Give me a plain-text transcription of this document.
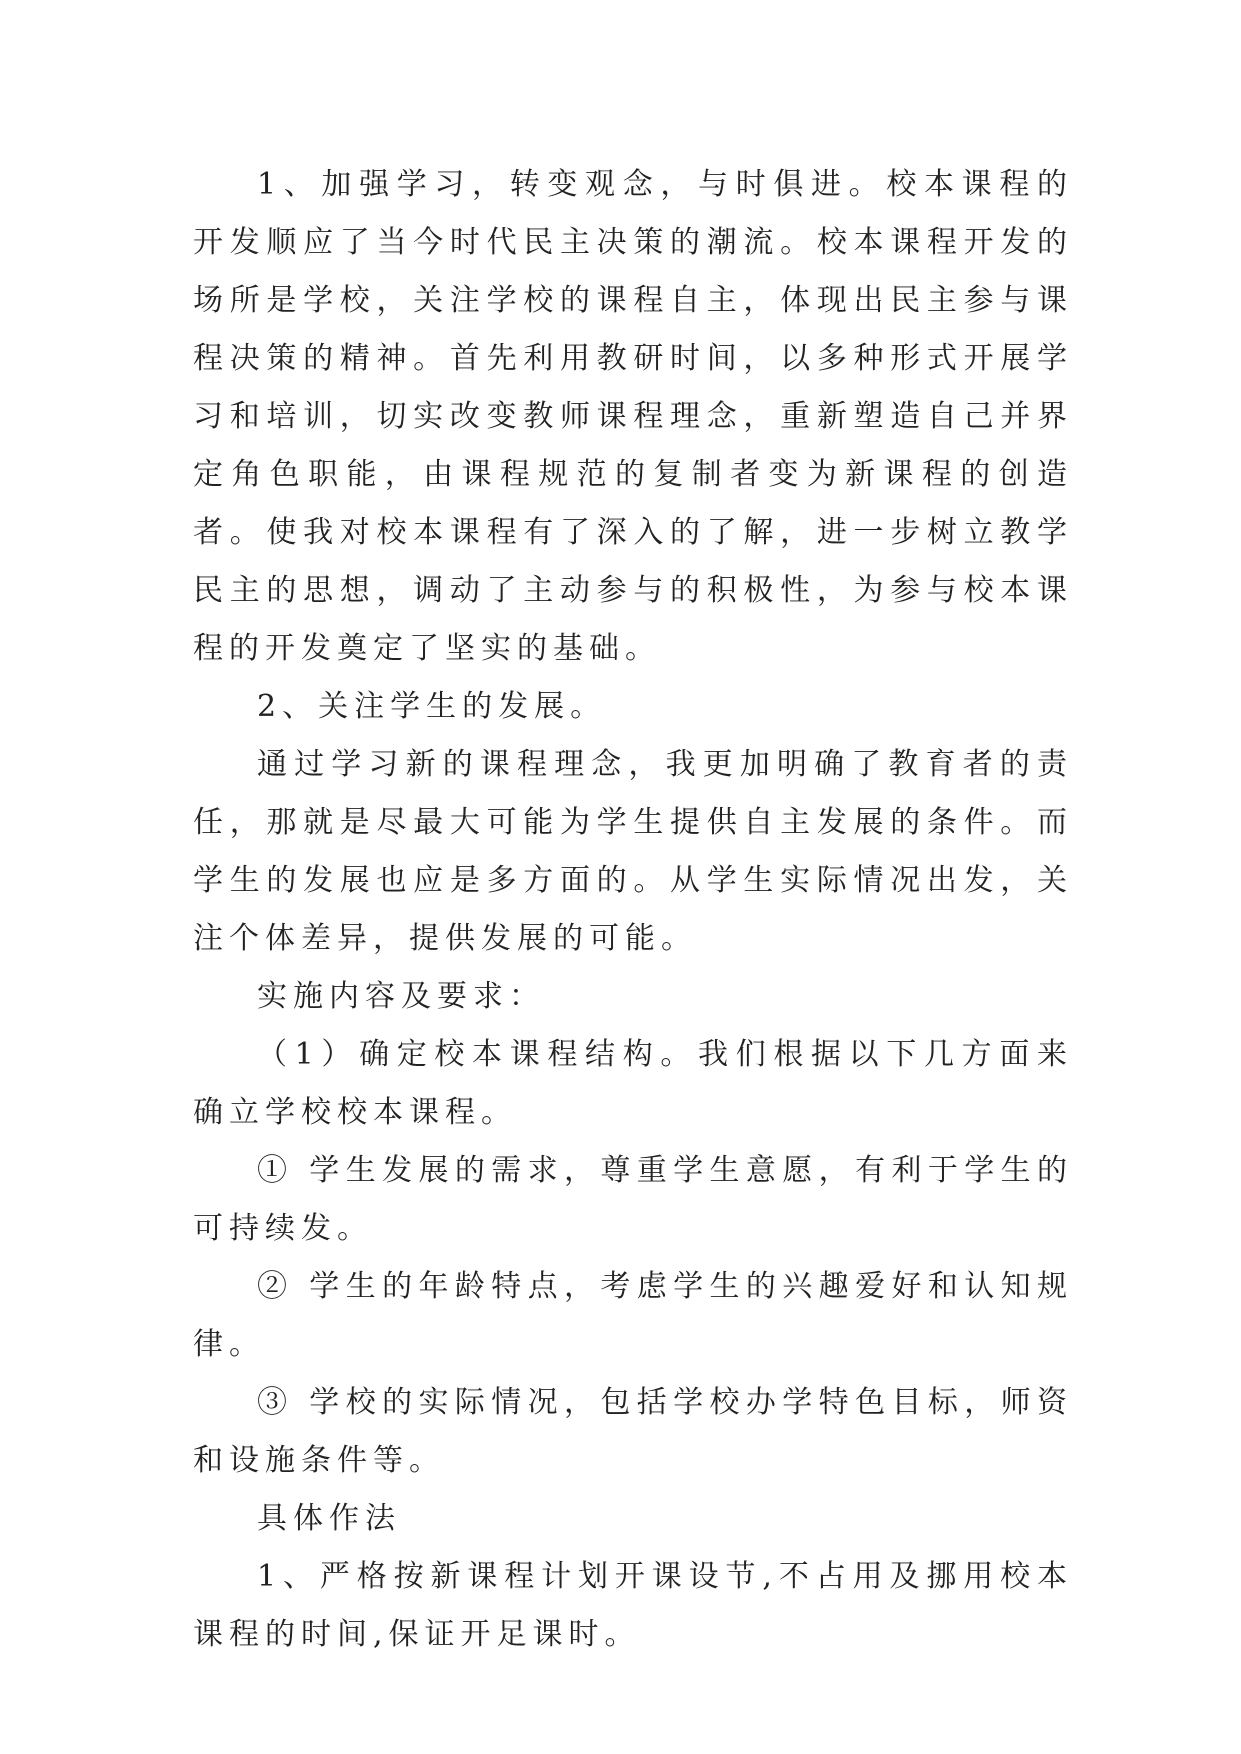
1、加强学习，转变观念，与时俱进。校本课程的开发顺应了当今时代民主决策的潮流。校本课程开发的场所是学校，关注学校的课程自主，体现出民主参与课程决策的精神。首先利用教研时间，以多种形式开展学习和培训，切实改变教师课程理念，重新塑造自己并界定角色职能，由课程规范的复制者变为新课程的创造者。使我对校本课程有了深入的了解，进一步树立教学民主的思想，调动了主动参与的积极性，为参与校本课程的开发奠定了坚实的基础。

2、关注学生的发展。

通过学习新的课程理念，我更加明确了教育者的责任，那就是尽最大可能为学生提供自主发展的条件。而学生的发展也应是多方面的。从学生实际情况出发，关注个体差异，提供发展的可能。

实施内容及要求：

（1）确定校本课程结构。我们根据以下几方面来确立学校校本课程。

① 学生发展的需求，尊重学生意愿，有利于学生的可持续发。

② 学生的年龄特点，考虑学生的兴趣爱好和认知规律。

③ 学校的实际情况，包括学校办学特色目标，师资和设施条件等。

具体作法

1、严格按新课程计划开课设节,不占用及挪用校本课程的时间,保证开足课时。
